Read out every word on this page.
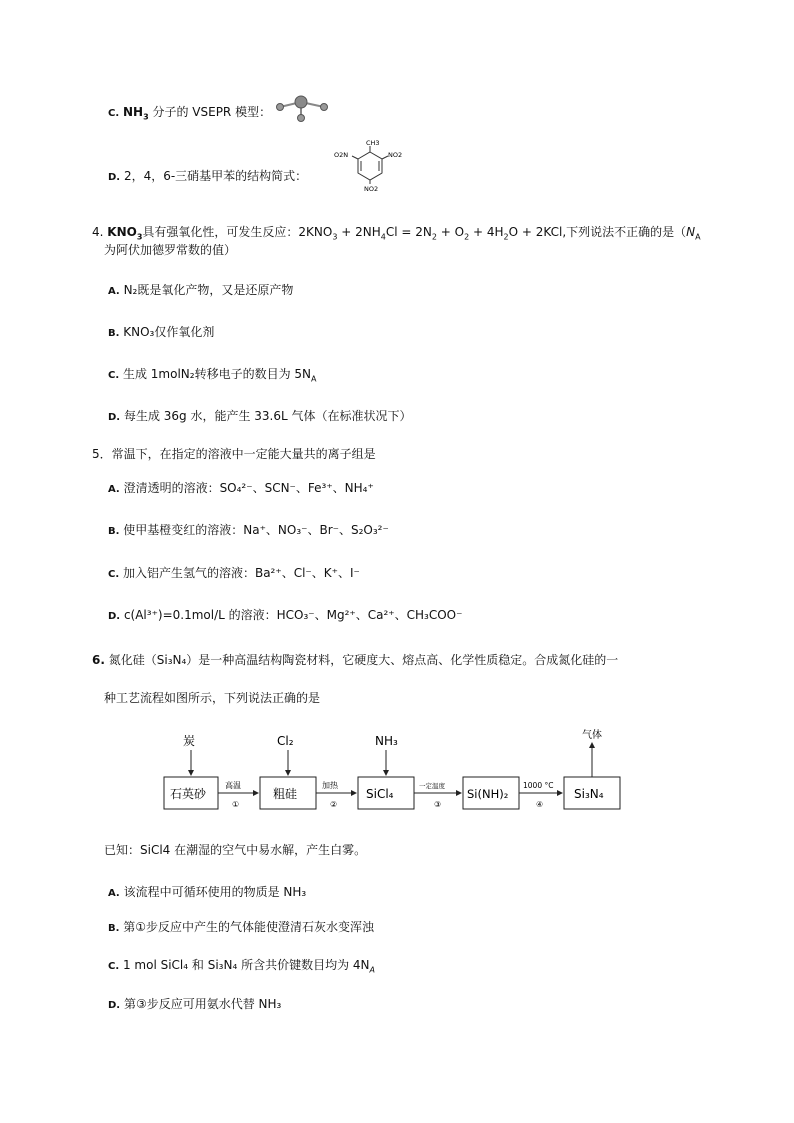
C. $NH_3$ 分子的 VSEPR 模型：
D. 2，4，6-三硝基甲苯的结构简式：
CH3
O2N	NO2
NO2
4. $KNO_3$具有强氧化性，可发生反应：$2KNO_3 + 2NH_4Cl = 2N_2 + O_2 + 4H_2O + 2KCl$,下列说法不正确的是（$N_A$
为阿伏加德罗常数的值）
A. N₂既是氧化产物，又是还原产物
B. KNO₃仅作氧化剂
C. 生成 1molN₂转移电子的数目为 $5N_A$
D. 每生成 36g 水，能产生 33.6L 气体（在标准状况下）
5．常温下，在指定的溶液中一定能大量共的离子组是
A. 澄清透明的溶液：SO₄²⁻、SCN⁻、Fe³⁺、NH₄⁺
B. 使甲基橙变红的溶液：Na⁺、NO₃⁻、Br⁻、S₂O₃²⁻
C. 加入铝产生氢气的溶液：Ba²⁺、Cl⁻、K⁺、I⁻
D. c(Al³⁺)=0.1mol/L 的溶液：HCO₃⁻、Mg²⁺、Ca²⁺、CH₃COO⁻
6. 氮化硅（Si₃N₄）是一种高温结构陶瓷材料，它硬度大、熔点高、化学性质稳定。合成氮化硅的一
种工艺流程如图所示，下列说法正确的是
石英砂	粗硅	SiCl₄	Si(NH)₂	Si₃N₄
高温
①
加热
②
一定温度
③
1000 °C
④
炭	Cl₂	NH₃	气体
已知：SiCl4 在潮湿的空气中易水解，产生白雾。
A. 该流程中可循环使用的物质是 NH₃
B. 第①步反应中产生的气体能使澄清石灰水变浑浊
C. 1 mol SiCl₄ 和 Si₃N₄ 所含共价键数目均为 $4N_A$
D. 第③步反应可用氨水代替 NH₃
